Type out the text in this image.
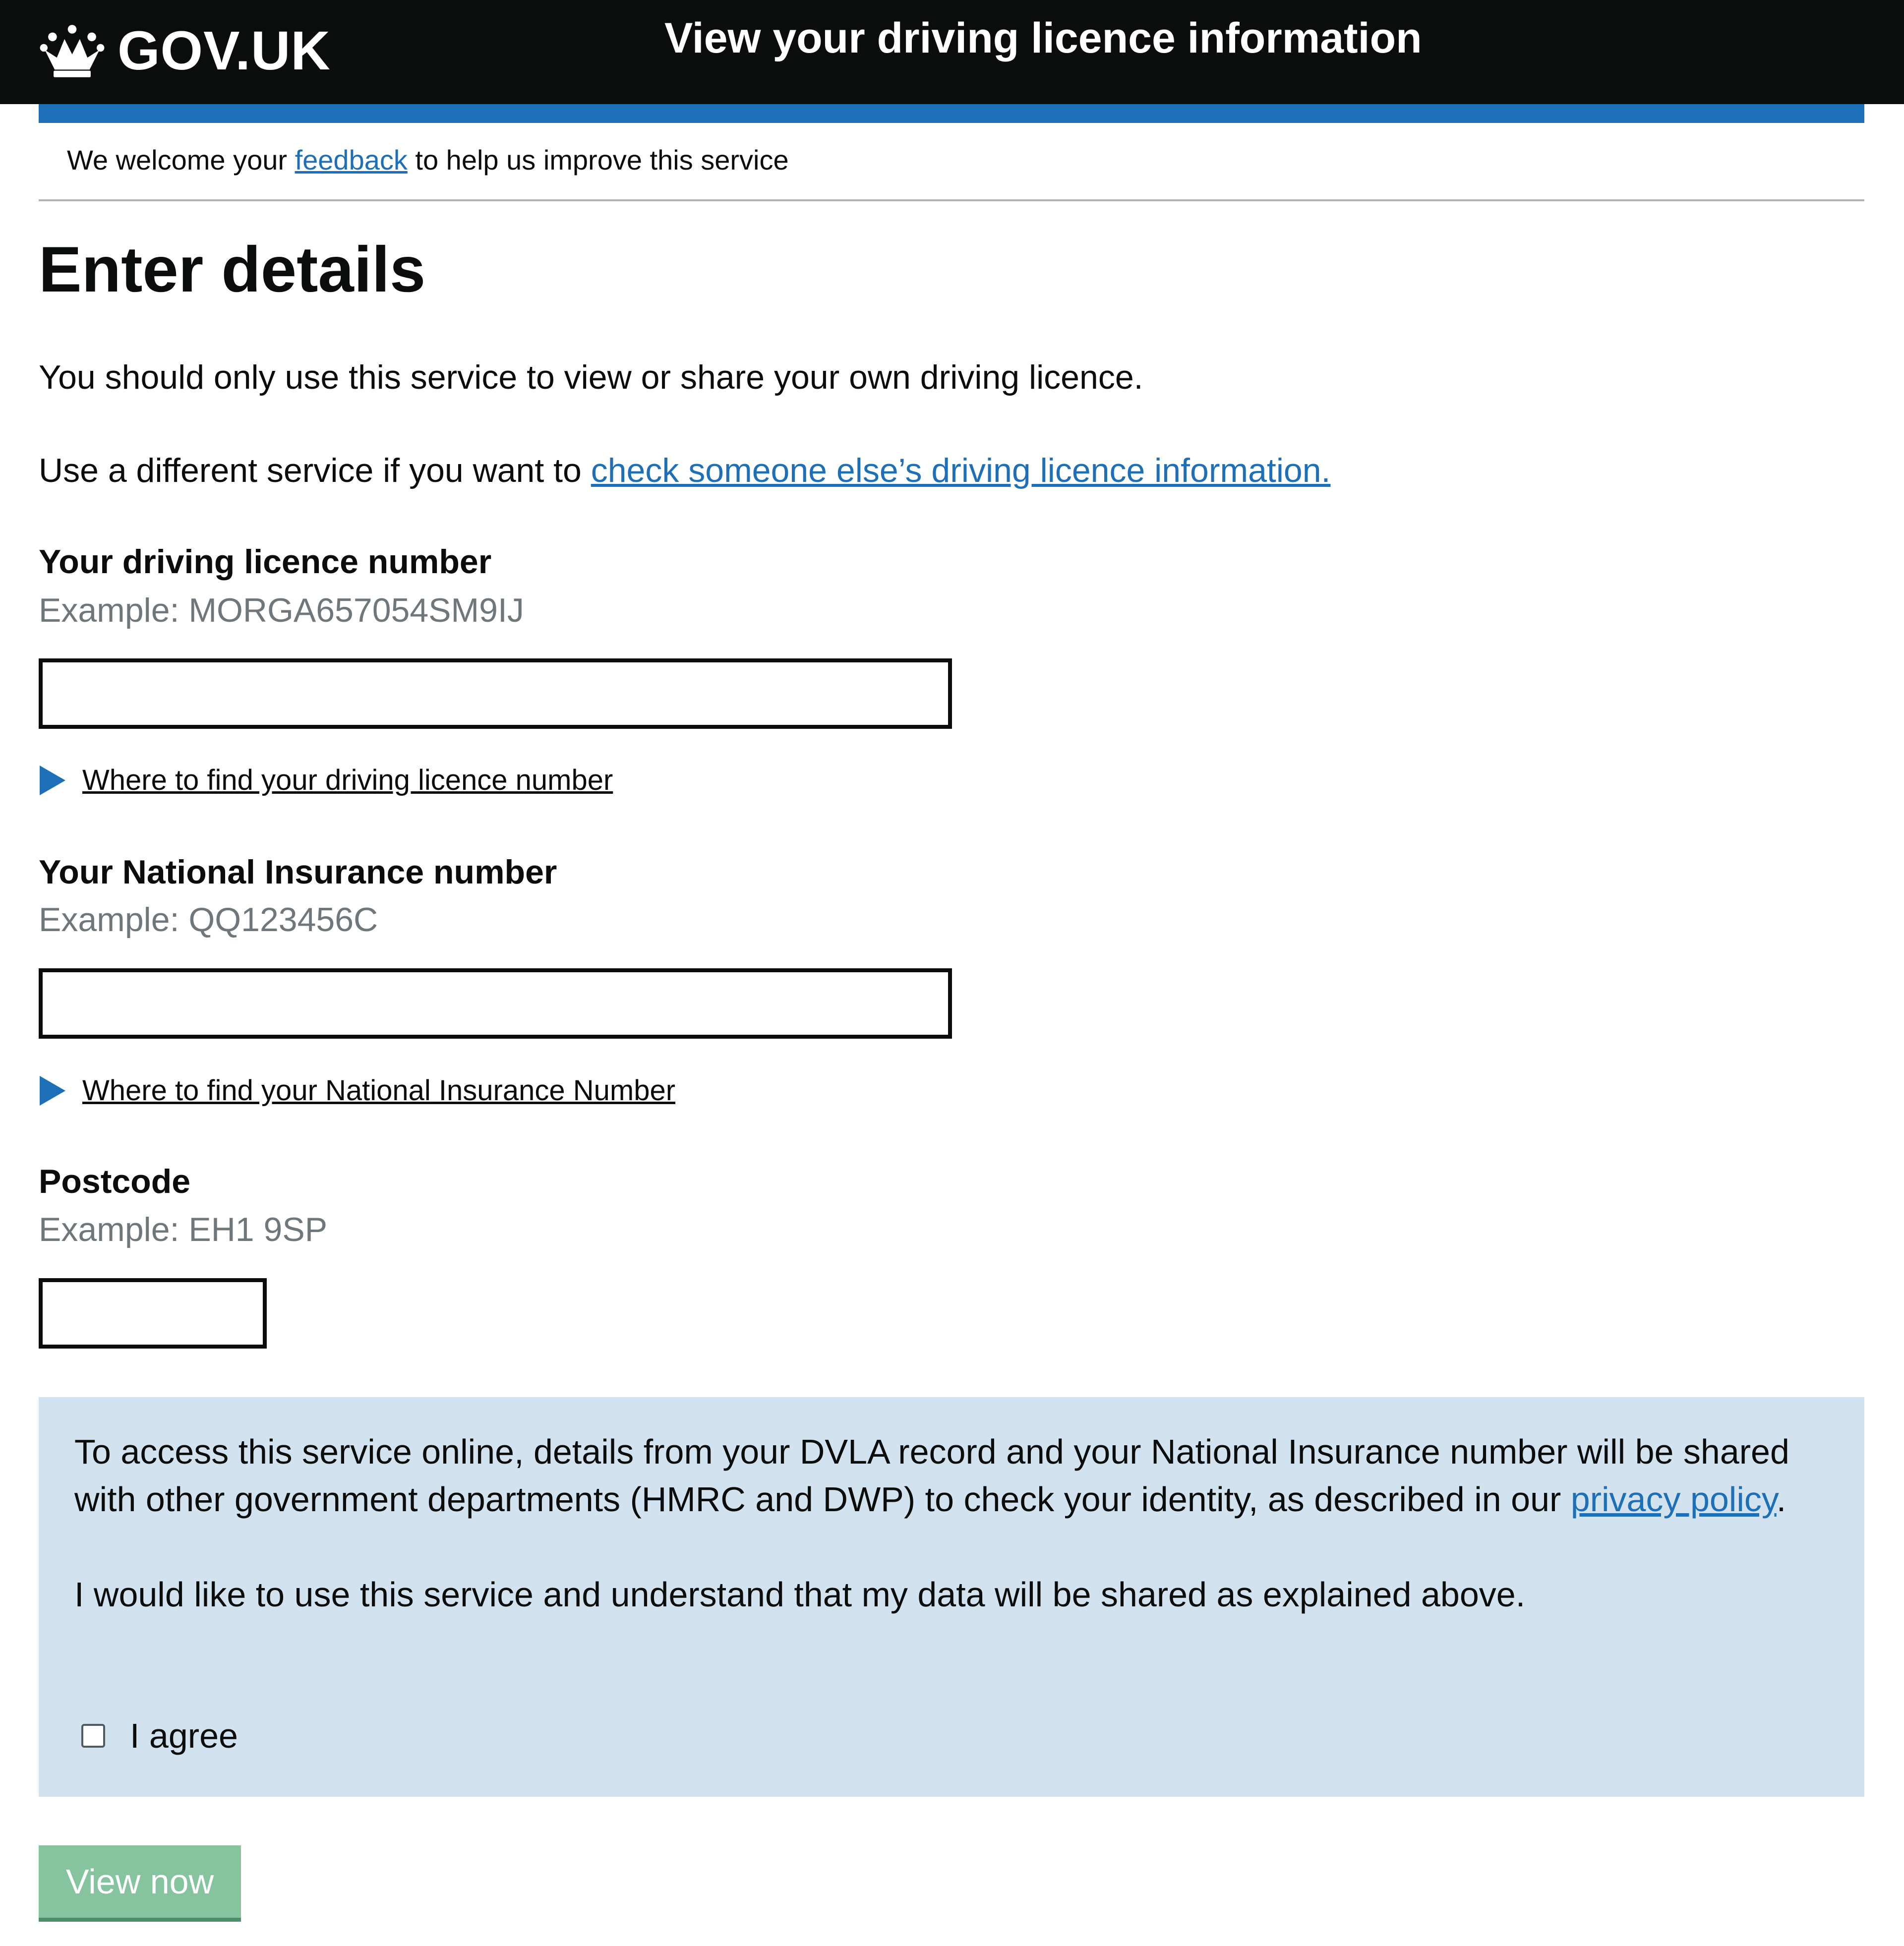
GOV.UK	View your driving licence information
We welcome your feedback to help us improve this service
Enter details

You should only use this service to view or share your own driving licence.

Use a different service if you want to check someone else’s driving licence information.

Your driving licence number
Example: MORGA657054SM9IJ
Where to find your driving licence number
Your National Insurance number
Example: QQ123456C
Where to find your National Insurance Number
Postcode
Example: EH1 9SP

To access this service online, details from your DVLA record and your National Insurance number will be shared with other government departments (HMRC and DWP) to check your identity, as described in our privacy policy.

I would like to use this service and understand that my data will be shared as explained above.

I agree
View now
